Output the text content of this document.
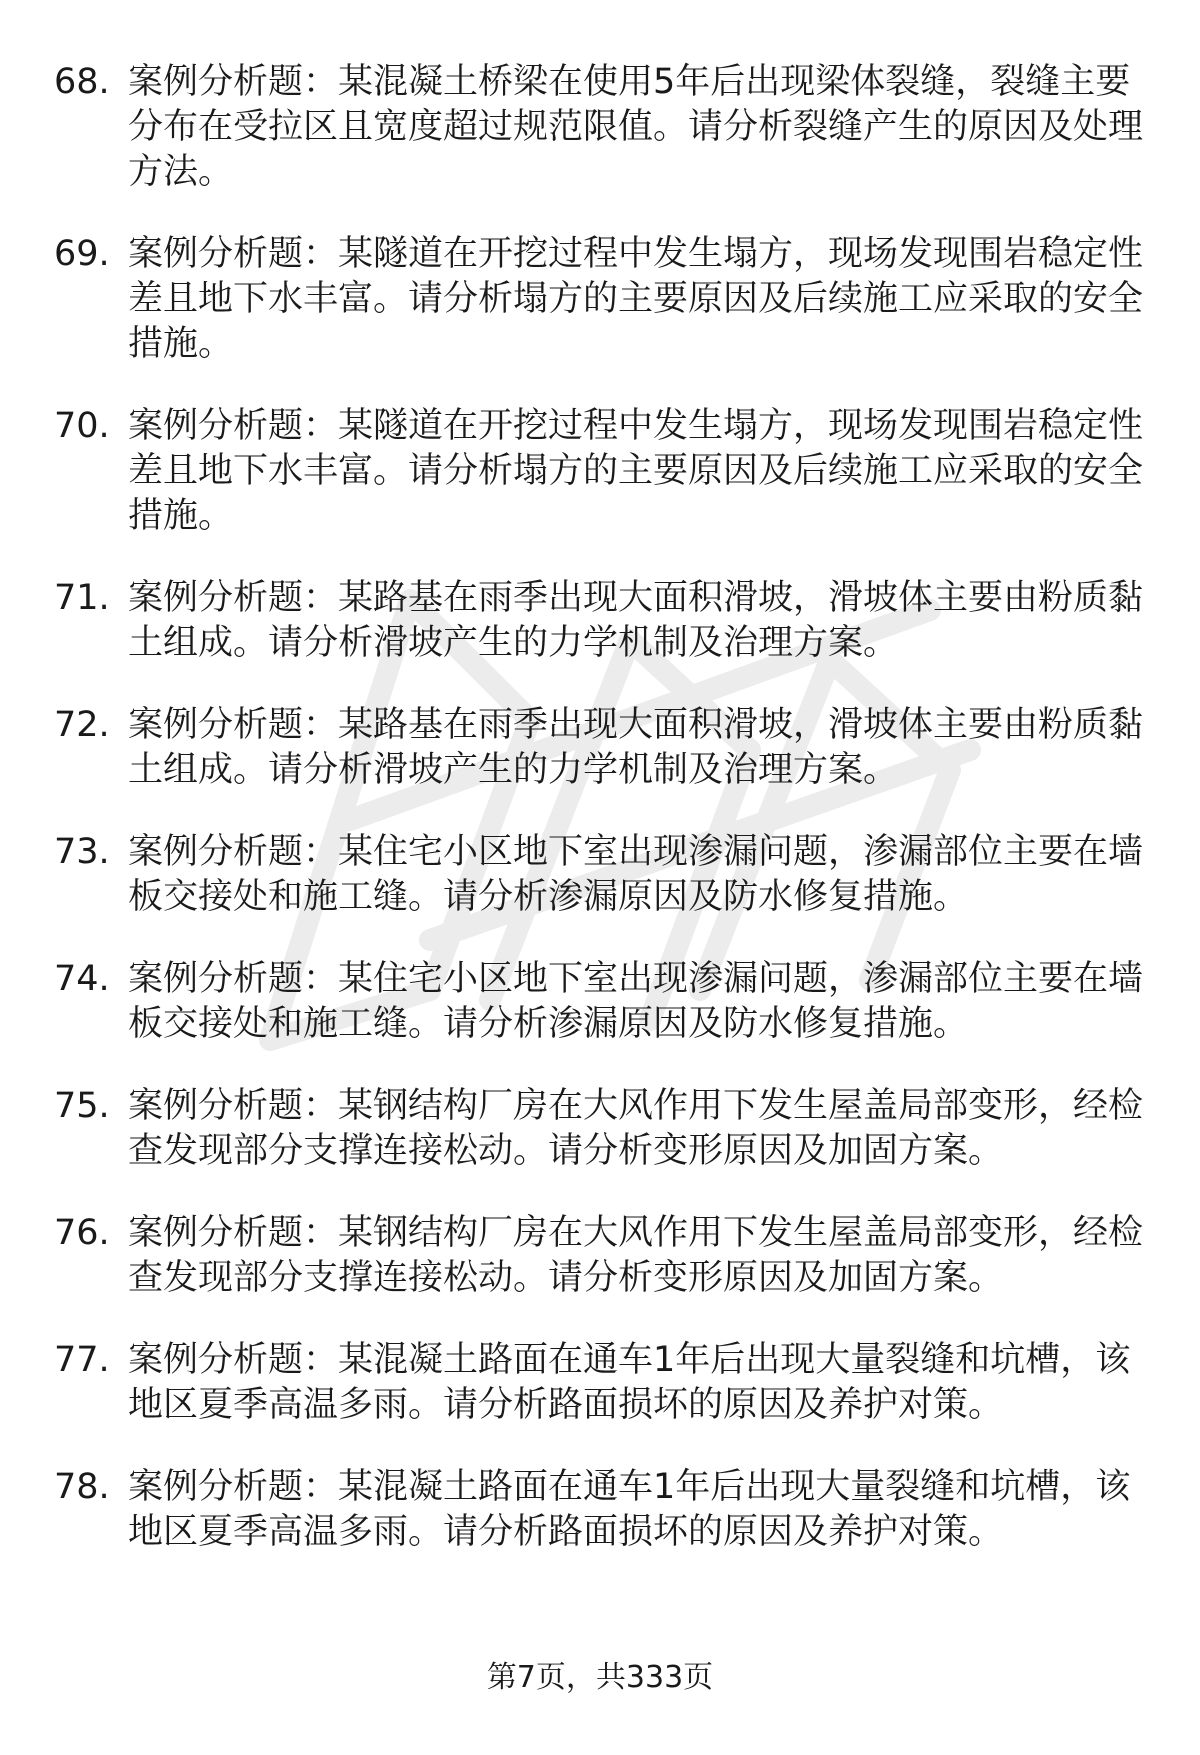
68. 案例分析题：某混凝土桥梁在使用5年后出现梁体裂缝，裂缝主要分布在受拉区且宽度超过规范限值。请分析裂缝产生的原因及处理方法。
69. 案例分析题：某隧道在开挖过程中发生塌方，现场发现围岩稳定性差且地下水丰富。请分析塌方的主要原因及后续施工应采取的安全措施。
70. 案例分析题：某隧道在开挖过程中发生塌方，现场发现围岩稳定性差且地下水丰富。请分析塌方的主要原因及后续施工应采取的安全措施。
71. 案例分析题：某路基在雨季出现大面积滑坡，滑坡体主要由粉质黏土组成。请分析滑坡产生的力学机制及治理方案。
72. 案例分析题：某路基在雨季出现大面积滑坡，滑坡体主要由粉质黏土组成。请分析滑坡产生的力学机制及治理方案。
73. 案例分析题：某住宅小区地下室出现渗漏问题，渗漏部位主要在墙板交接处和施工缝。请分析渗漏原因及防水修复措施。
74. 案例分析题：某住宅小区地下室出现渗漏问题，渗漏部位主要在墙板交接处和施工缝。请分析渗漏原因及防水修复措施。
75. 案例分析题：某钢结构厂房在大风作用下发生屋盖局部变形，经检查发现部分支撑连接松动。请分析变形原因及加固方案。
76. 案例分析题：某钢结构厂房在大风作用下发生屋盖局部变形，经检查发现部分支撑连接松动。请分析变形原因及加固方案。
77. 案例分析题：某混凝土路面在通车1年后出现大量裂缝和坑槽，该地区夏季高温多雨。请分析路面损坏的原因及养护对策。
78. 案例分析题：某混凝土路面在通车1年后出现大量裂缝和坑槽，该地区夏季高温多雨。请分析路面损坏的原因及养护对策。
第7页，共333页
